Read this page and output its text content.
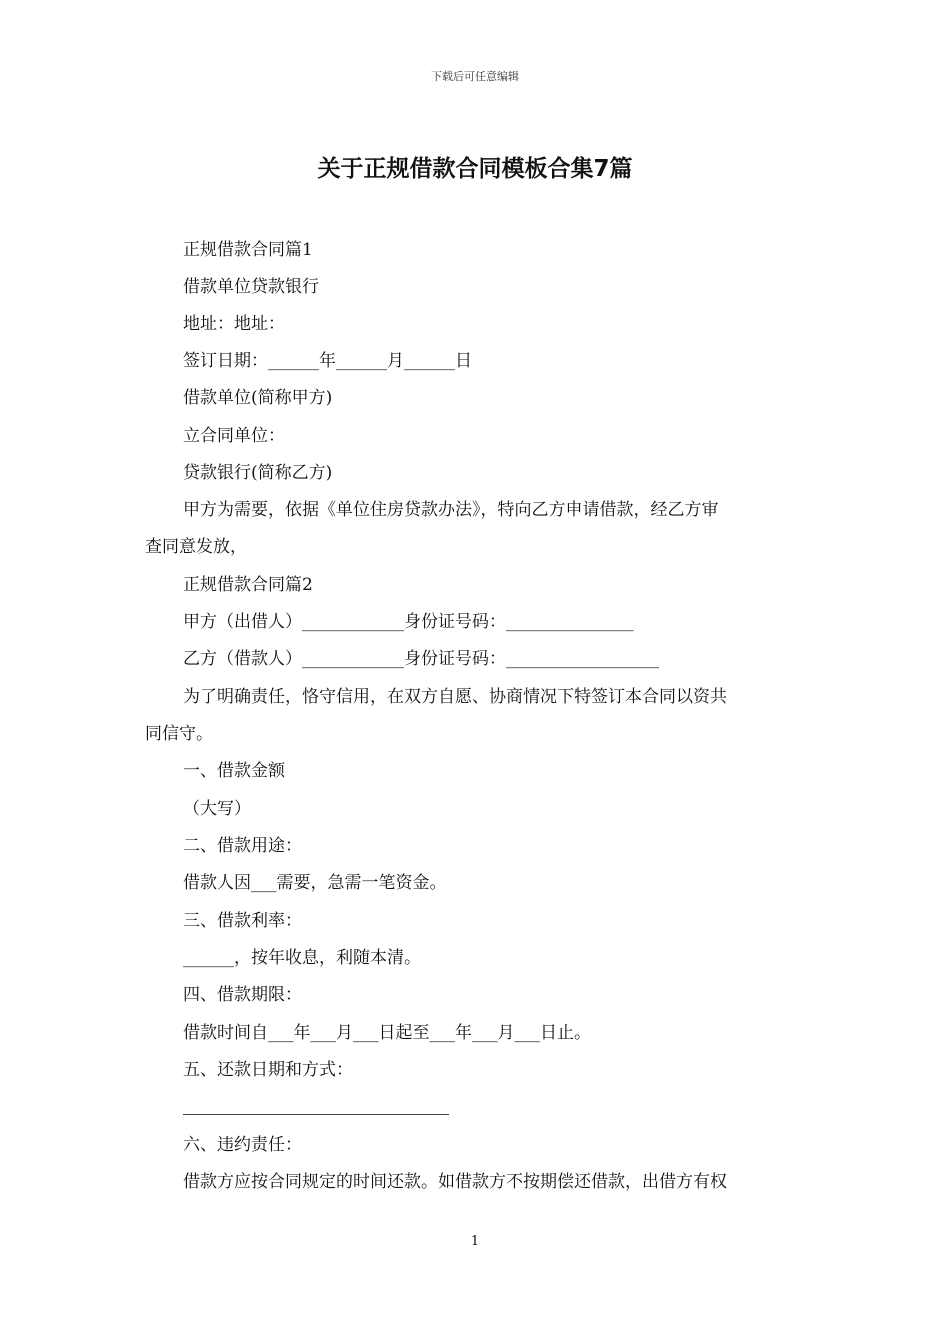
下载后可任意编辑
关于正规借款合同模板合集7篇
正规借款合同篇1
借款单位贷款银行
地址：地址：
签订日期：______年______月______日
借款单位(简称甲方)
立合同单位：
贷款银行(简称乙方)
甲方为需要，依据《单位住房贷款办法》，特向乙方申请借款，经乙方审
查同意发放，
正规借款合同篇2
甲方（出借人）____________身份证号码：_______________
乙方（借款人）____________身份证号码：__________________
为了明确责任，恪守信用，在双方自愿、协商情况下特签订本合同以资共
同信守。
一、借款金额
（大写）
二、借款用途：
借款人因___需要，急需一笔资金。
三、借款利率：
______，按年收息，利随本清。
四、借款期限：
借款时间自___年___月___日起至___年___月___日止。
五、还款日期和方式：
六、违约责任：
借款方应按合同规定的时间还款。如借款方不按期偿还借款，出借方有权
1
